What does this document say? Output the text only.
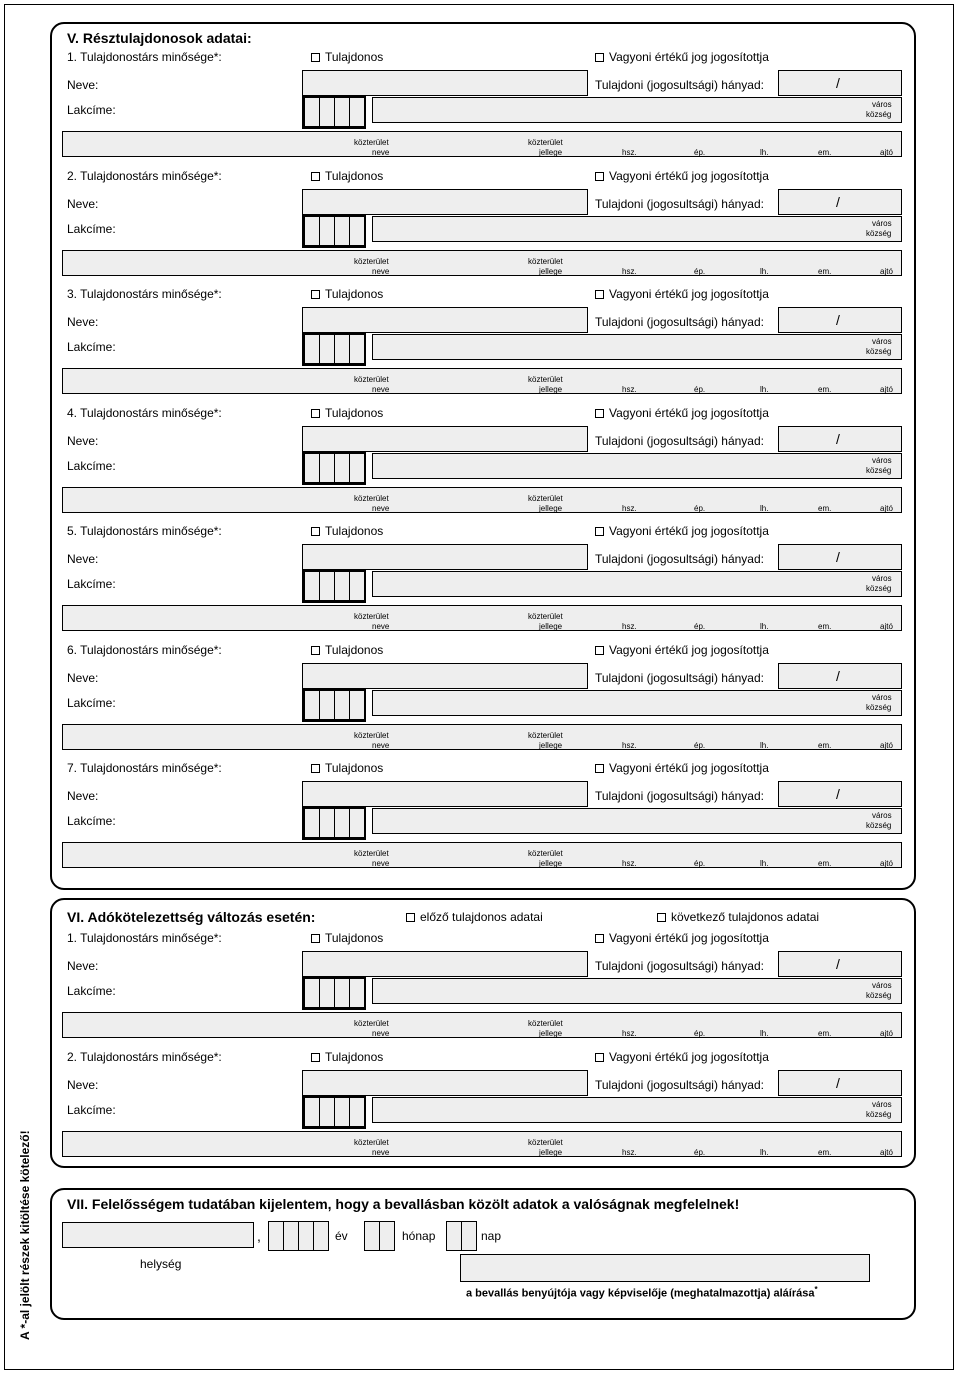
A *-al jelölt részek kitöltése kötelező!
V. Résztulajdonosok adatai:
1. Tulajdonostárs minősége*:	Tulajdonos	Vagyoni értékű jog jogosítottja
Neve:	Tulajdoni (jogosultsági) hányad:	/
Lakcíme:	város
község
közterület
neve
közterület
jellege	hsz.	ép.	lh.	em.	ajtó
2. Tulajdonostárs minősége*:	Tulajdonos	Vagyoni értékű jog jogosítottja
Neve:	Tulajdoni (jogosultsági) hányad:	/
Lakcíme:	város
község
közterület
neve
közterület
jellege	hsz.	ép.	lh.	em.	ajtó
3. Tulajdonostárs minősége*:	Tulajdonos	Vagyoni értékű jog jogosítottja
Neve:	Tulajdoni (jogosultsági) hányad:	/
Lakcíme:	város
község
közterület
neve
közterület
jellege	hsz.	ép.	lh.	em.	ajtó
4. Tulajdonostárs minősége*:	Tulajdonos	Vagyoni értékű jog jogosítottja
Neve:	Tulajdoni (jogosultsági) hányad:	/
Lakcíme:	város
község
közterület
neve
közterület
jellege	hsz.	ép.	lh.	em.	ajtó
5. Tulajdonostárs minősége*:	Tulajdonos	Vagyoni értékű jog jogosítottja
Neve:	Tulajdoni (jogosultsági) hányad:	/
Lakcíme:	város
község
közterület
neve
közterület
jellege	hsz.	ép.	lh.	em.	ajtó
6. Tulajdonostárs minősége*:	Tulajdonos	Vagyoni értékű jog jogosítottja
Neve:	Tulajdoni (jogosultsági) hányad:	/
Lakcíme:	város
község
közterület
neve
közterület
jellege	hsz.	ép.	lh.	em.	ajtó
7. Tulajdonostárs minősége*:	Tulajdonos	Vagyoni értékű jog jogosítottja
Neve:	Tulajdoni (jogosultsági) hányad:	/
Lakcíme:	város
község
közterület
neve
közterület
jellege	hsz.	ép.	lh.	em.	ajtó
VI. Adókötelezettség változás esetén:	előző tulajdonos adatai	következő tulajdonos adatai
1. Tulajdonostárs minősége*:	Tulajdonos	Vagyoni értékű jog jogosítottja
Neve:	Tulajdoni (jogosultsági) hányad:	/
Lakcíme:	város
község
közterület
neve
közterület
jellege	hsz.	ép.	lh.	em.	ajtó
2. Tulajdonostárs minősége*:	Tulajdonos	Vagyoni értékű jog jogosítottja
Neve:	Tulajdoni (jogosultsági) hányad:	/
Lakcíme:	város
község
közterület
neve
közterület
jellege	hsz.	ép.	lh.	em.	ajtó
VII. Felelősségem tudatában kijelentem, hogy a bevallásban közölt adatok a valóságnak megfelelnek!
,	év	hónap	nap
helység
a bevallás benyújtója vagy képviselője (meghatalmazottja) aláírása*
